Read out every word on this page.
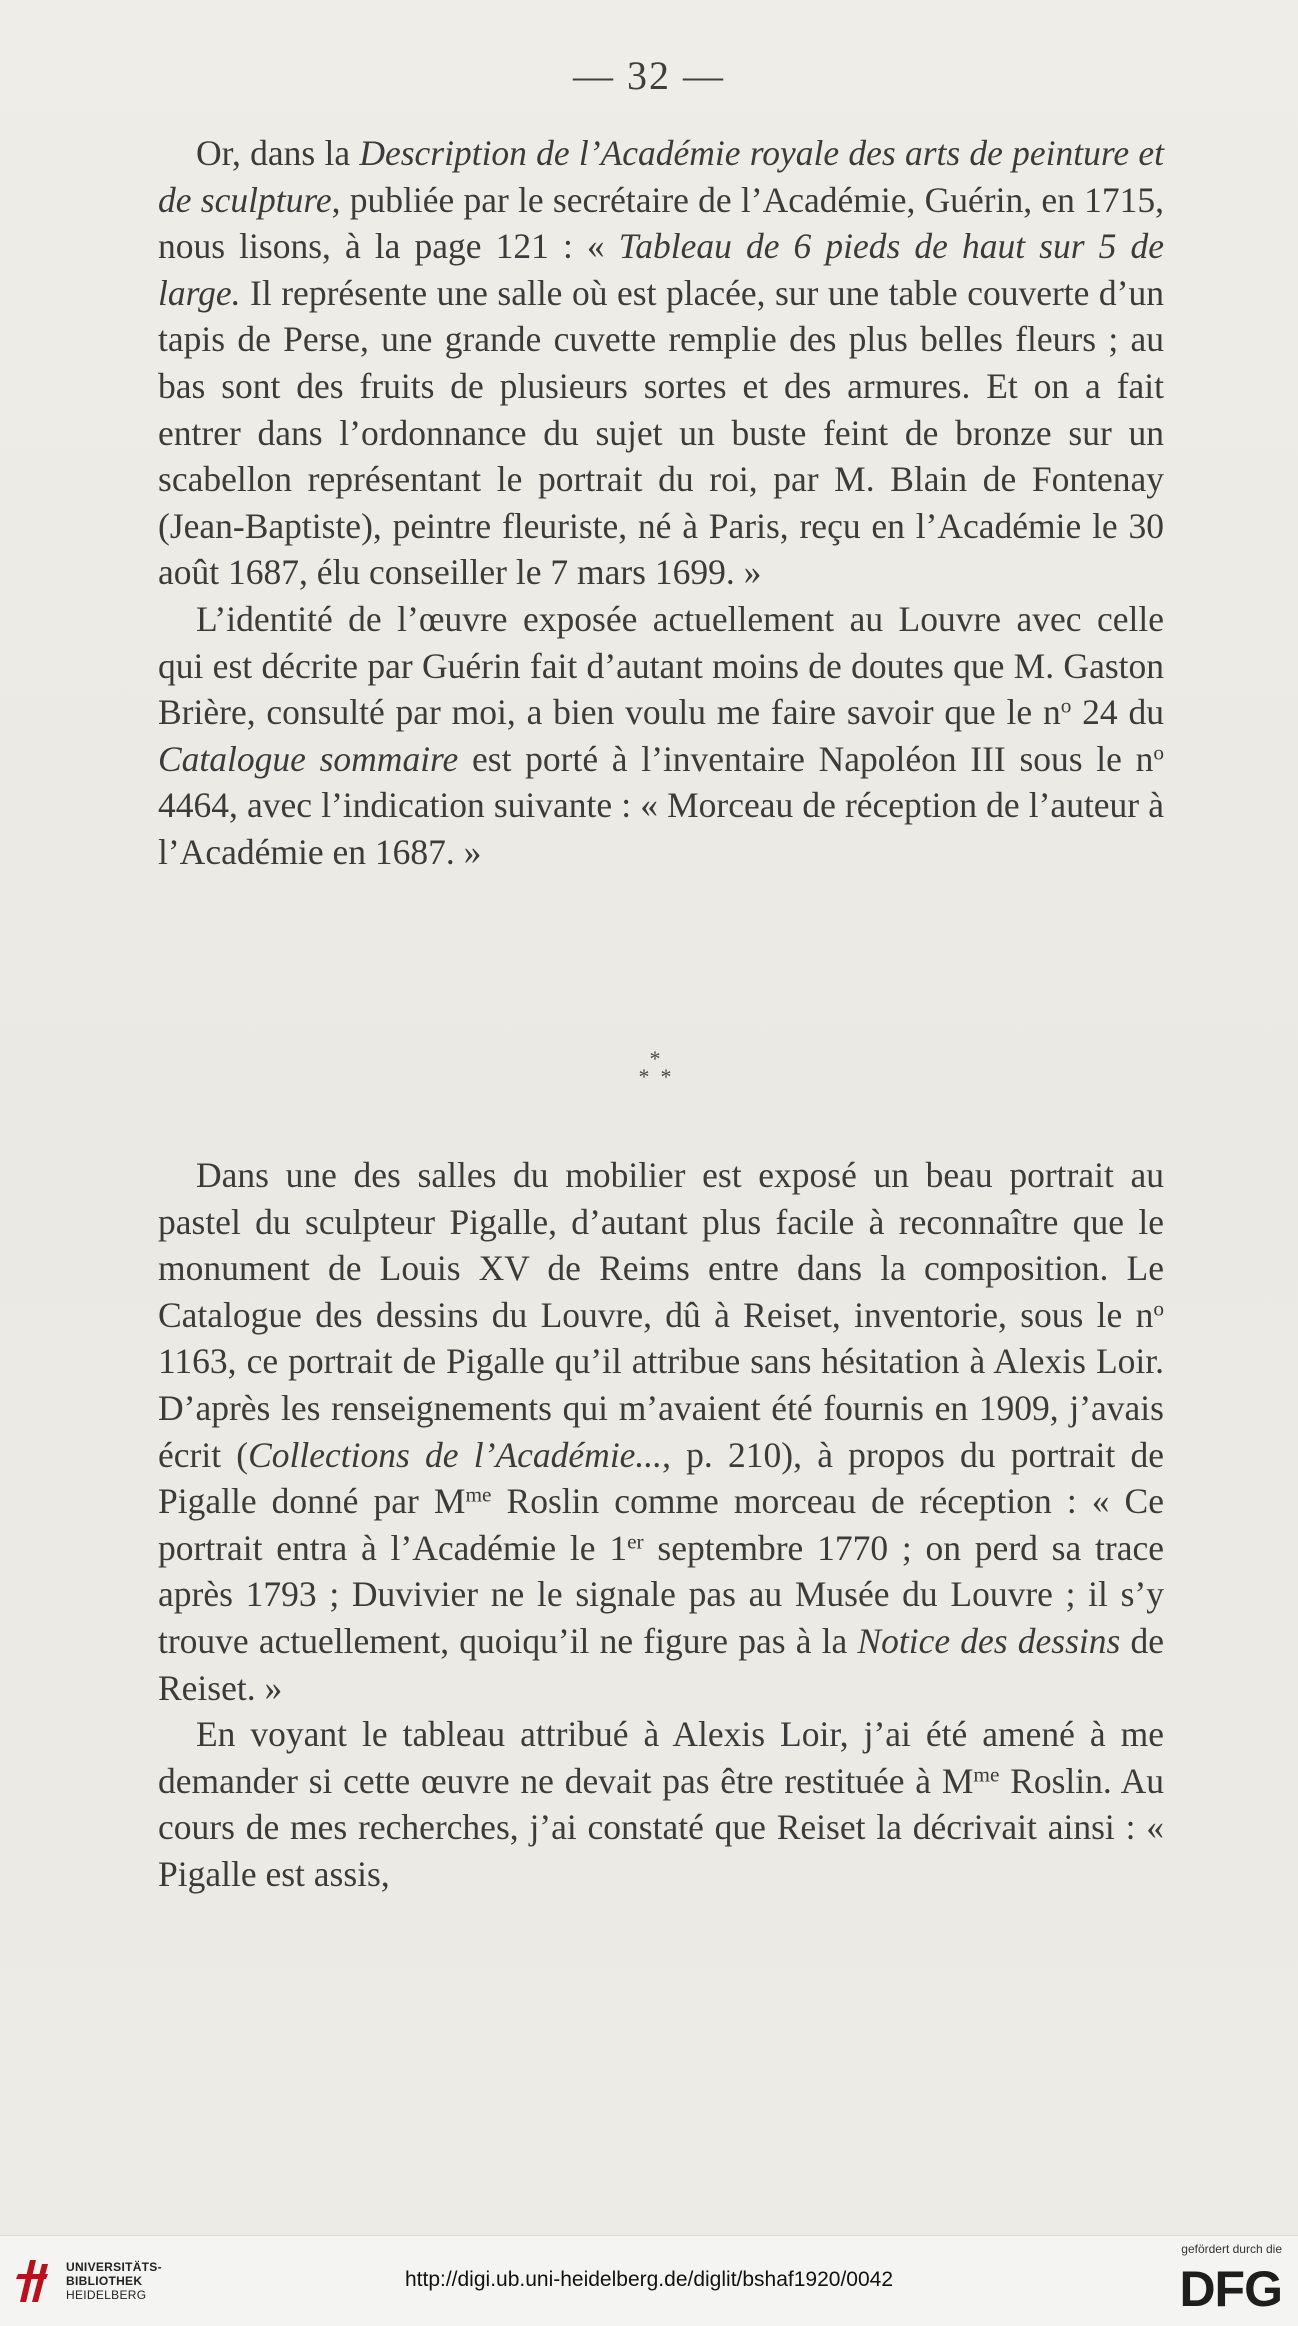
— 32 —

Or, dans la Description de l’Académie royale des arts de peinture et de sculpture, publiée par le secrétaire de l’Académie, Guérin, en 1715, nous lisons, à la page 121 : « Tableau de 6 pieds de haut sur 5 de large. Il représente une salle où est placée, sur une table couverte d’un tapis de Perse, une grande cuvette remplie des plus belles fleurs ; au bas sont des fruits de plusieurs sortes et des armures. Et on a fait entrer dans l’ordonnance du sujet un buste feint de bronze sur un scabellon représentant le portrait du roi, par M. Blain de Fontenay (Jean-Baptiste), peintre fleuriste, né à Paris, reçu en l’Académie le 30 août 1687, élu conseiller le 7 mars 1699. »

L’identité de l’œuvre exposée actuellement au Louvre avec celle qui est décrite par Guérin fait d’autant moins de doutes que M. Gaston Brière, consulté par moi, a bien voulu me faire savoir que le $n^o$ 24 du Catalogue sommaire est porté à l’inventaire Napoléon III sous le $n^o$ 4464, avec l’indication suivante : « Morceau de réception de l’auteur à l’Académie en 1687. »

*
* *

Dans une des salles du mobilier est exposé un beau portrait au pastel du sculpteur Pigalle, d’autant plus facile à reconnaître que le monument de Louis XV de Reims entre dans la composition. Le Catalogue des dessins du Louvre, dû à Reiset, inventorie, sous le $n^o$ 1163, ce portrait de Pigalle qu’il attribue sans hésitation à Alexis Loir. D’après les renseignements qui m’avaient été fournis en 1909, j’avais écrit (Collections de l’Académie..., p. 210), à propos du portrait de Pigalle donné par $M^{me}$ Roslin comme morceau de réception : « Ce portrait entra à l’Académie le 1er septembre 1770 ; on perd sa trace après 1793 ; Duvivier ne le signale pas au Musée du Louvre ; il s’y trouve actuellement, quoiqu’il ne figure pas à la Notice des dessins de Reiset. »

En voyant le tableau attribué à Alexis Loir, j’ai été amené à me demander si cette œuvre ne devait pas être restituée à $M^{me}$ Roslin. Au cours de mes recherches, j’ai constaté que Reiset la décrivait ainsi : « Pigalle est assis,

UNIVERSITÄTS-
BIBLIOTHEK
HEIDELBERG
http://digi.ub.uni-heidelberg.de/diglit/bshaf1920/0042
gefördert durch die
DFG
